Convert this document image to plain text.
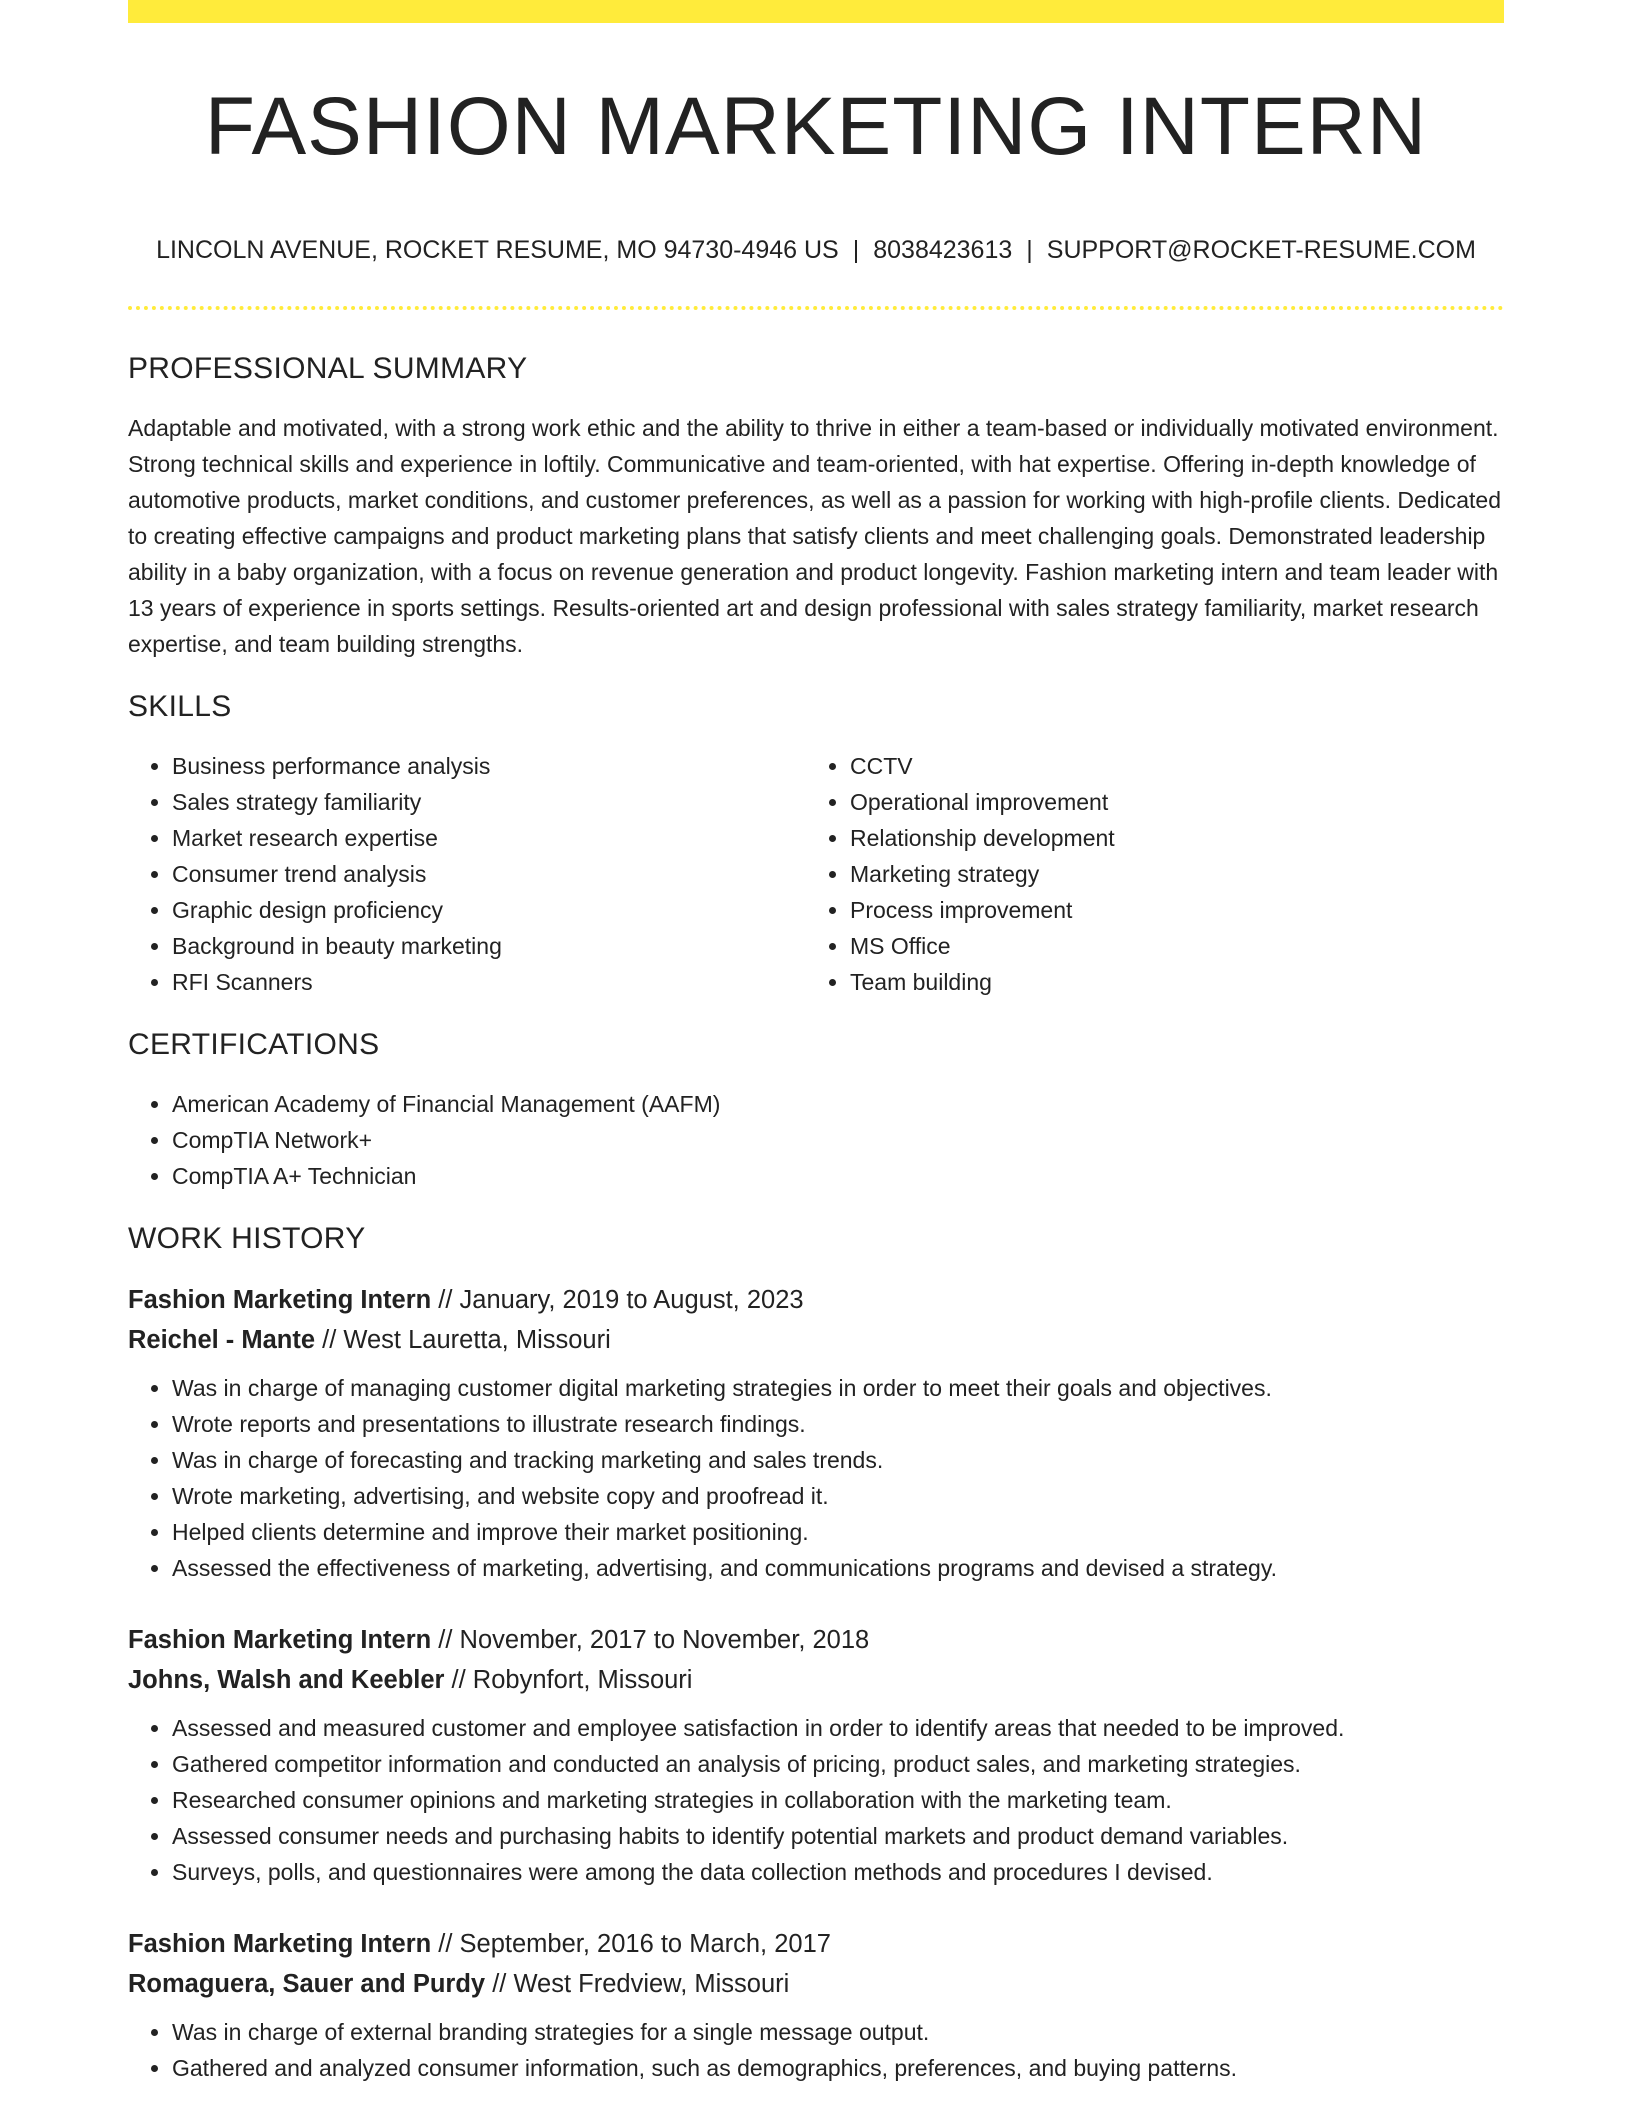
FASHION MARKETING INTERN
LINCOLN AVENUE, ROCKET RESUME, MO 94730-4946 US | 8038423613 | SUPPORT@ROCKET-RESUME.COM
PROFESSIONAL SUMMARY

Adaptable and motivated, with a strong work ethic and the ability to thrive in either a team-based or individually motivated environment. Strong technical skills and experience in loftily. Communicative and team-oriented, with hat expertise. Offering in-depth knowledge of automotive products, market conditions, and customer preferences, as well as a passion for working with high-profile clients. Dedicated to creating effective campaigns and product marketing plans that satisfy clients and meet challenging goals. Demonstrated leadership ability in a baby organization, with a focus on revenue generation and product longevity. Fashion marketing intern and team leader with 13 years of experience in sports settings. Results-oriented art and design professional with sales strategy familiarity, market research expertise, and team building strengths.

SKILLS
• Business performance analysis
• Sales strategy familiarity
• Market research expertise
• Consumer trend analysis
• Graphic design proficiency
• Background in beauty marketing
• RFI Scanners
• CCTV
• Operational improvement
• Relationship development
• Marketing strategy
• Process improvement
• MS Office
• Team building
CERTIFICATIONS
• American Academy of Financial Management (AAFM)
• CompTIA Network+
• CompTIA A+ Technician
WORK HISTORY
Fashion Marketing Intern // January, 2019 to August, 2023
Reichel - Mante // West Lauretta, Missouri
• Was in charge of managing customer digital marketing strategies in order to meet their goals and objectives.
• Wrote reports and presentations to illustrate research findings.
• Was in charge of forecasting and tracking marketing and sales trends.
• Wrote marketing, advertising, and website copy and proofread it.
• Helped clients determine and improve their market positioning.
• Assessed the effectiveness of marketing, advertising, and communications programs and devised a strategy.
Fashion Marketing Intern // November, 2017 to November, 2018
Johns, Walsh and Keebler // Robynfort, Missouri
• Assessed and measured customer and employee satisfaction in order to identify areas that needed to be improved.
• Gathered competitor information and conducted an analysis of pricing, product sales, and marketing strategies.
• Researched consumer opinions and marketing strategies in collaboration with the marketing team.
• Assessed consumer needs and purchasing habits to identify potential markets and product demand variables.
• Surveys, polls, and questionnaires were among the data collection methods and procedures I devised.
Fashion Marketing Intern // September, 2016 to March, 2017
Romaguera, Sauer and Purdy // West Fredview, Missouri
• Was in charge of external branding strategies for a single message output.
• Gathered and analyzed consumer information, such as demographics, preferences, and buying patterns.
